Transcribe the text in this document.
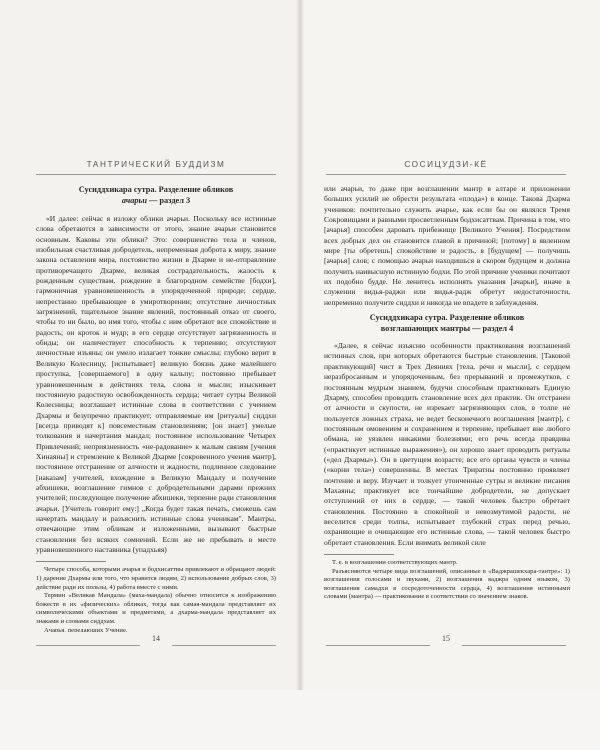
ТАНТРИЧЕСКИЙ БУДДИЗМ
Сусиддхикара сутра. Разделение обликов
ачарьи — раздел 3

«И далее: сейчас я изложу облики ачарьи. Поскольку все истинные слова обретаются в зависимости от этого, знание ачарьи становится основным. Каковы эти облики? Это: совершенство тела и членов, изобильная счастливая добродетель, непременная доброта к миру, знание закона оставления мира, постоянство жизни в Дхарме и не-отправление противоречащего Дхарме, великая сострадательность, жалость к рожденным существам, рождение в благородном семействе [бодхи], гармоничная уравновешенность в упорядоченной природе; сердце, непрестанно пребывающее в умиротворении; отсутствие личностных загрязнений, тщательное знание явлений, постоянный отказ от своего, чтобы то ни было, во имя того, чтобы с ним обретают все спокойствие и радость; он кроток и мудр; в его сердце отсутствует загрязненность и обиды; он наличествует способность к терпению; отсутствуют личностные изъяны; он умело излагает тонкие смыслы; глубоко верит в Великую Колесницу, [испытывает] великую боязнь даже малейшего проступка, [совершаемого] в одну кальпу; постоянно пребывает уравновешенным в действиях тела, слова и мысли; изыскивает постоянную радостную освобожденность сердца; читает сутры Великой Колесницы; возглашает истинные слова в соответствии с учением Дхармы и безупречно практикует; отправляемые им [ритуалы] сиддхи [всегда приводят к] повсеместным становлениям; [он знает] умелые толкования и начертания мандал; постоянное использование Четырех Привлечений; неприязненность «не-радование» к малым связям [учения Хинаяны] и стремление к Великой Дхарме [сокровенного учения мантр], постоянное отстранение от алчности и жадности, подлинное следование [наказам] учителей, вхождение в Великую Мандалу и получение абхишеки, возглашение гимнов с добродетельными дарами прежних учителей; последующее получение абхишеки, терпение ради становления ачарьи. [Учитель говорит ему:] „Когда будет такая печать, сможешь сам начертать мандалу и разъяснить истинные слова ученикам". Мантры, отвечающие этим обликам и изложенными, вызывают быстрые становления без всяких сомнений. Если же не пребывать в месте уравновешенного наставника (упадхьяя)

Четыре способа, которыми ачарья и бодхисаттвы привлекают и обращают людей: 1) дарение Дхармы или того, что нравится людям, 2) использование добрых слов, 3) действие ради их пользы, 4) работа вместе с ними.

Термин «Великая Мандала» (маха-мандала) обычно относится к изображению божеств в их «физических» обликах, тогда как самая-мандала представляет их символическими объектами и предметами, а дхарма-мандала представляет их знаками и словами сиддхам.

Ачарья, передающих Учение.

14
СОСИЦУДЗИ-КЁ

или ачарьи, то даже при возглашении мантр в алтаре и приложении больших усилий не обрести результата «плода») в конце. Такова Дхарма учеников: почтительно служить ачарье, как если бы он являлся Тремя Сокровищами и равными просветленным бодхисаттвам. Причина в том, что [ачарья] способен даровать прибежище [Великого Учения]. Посредством всех добрых дел он становится главой в причиной; [потому] в явленном мире [ты обретешь] спокойствие и радость, в [будущем] — получишь [ачарья] слов; с помощью ачарьи находишься в скором будущем и должна получить наивысшую истинную бодхи. По этой причине ученики почитают их подобно будде. Не ленитесь исполнять указания [ачарьи], иначе в служении видья-раджи или видья-радж обретут недостаточности, непременно получите сиддхи и никогда не впадете в заблуждения.

Сусиддхикара сутра. Разделение обликов
возглашающих мантры — раздел 4

«Далее, я сейчас изъясню особенности практикования возглашений истинных слов, при которых обретаются быстрые становления. [Таковой практикующий] чист в Трех Деяниях [тела, речи и мысли], с сердцем неразбросанным и упорядоченным, без прерываний и промежутков, с постоянным мудрым знанием, будучи способным практиковать Единую Дхарму, способен проводить становление всех дел практик. Он отстранен от алчности и скупости, не изрекает загрязняющих слов, в толпе не пользуется ложных страха, не ведет бесконечного возглашения [мантр], с постоянным омовением и сохранением и терпение, пребывает вне любого обмана, не уязвлен никакими болезнями; его речь всегда правдива («практикует истинные выражения»), он хорошо знает проводить ритуалы («дел Дхармы»). Он в цветущем возрасте; все его органы чувств и члены («корни тела») совершенны. В местах Триратны постоянно проявляет почтение и веру. Изучает и толкует утонченные сутры и великие писания Махаяны; практикует все тончайшие добродетели, не допускает отступлений от них в сердце, — такой человек быстро обретает становления. Постоянно в спокойной и невозмутимой радости, не веселится среди толпы, испытывает глубокий страх перед речью, охраняющие и очищающие его истинные слова, — такой человек быстро обретает становления. Если внимать великой силе

Т. е. в возглашении соответствующих мантр.

Разъясняются четыре вида возглашений, описанные в «Ваджрашекхара-тантре»: 1) возглашения голосами и звуками, 2) возглашения ваджра одним языком, 3) возглашения самадхи в сосредоточенности сердца, 4) возглашения истинными словами (мантра) — практикование в соответствии со значением знаков.

15
